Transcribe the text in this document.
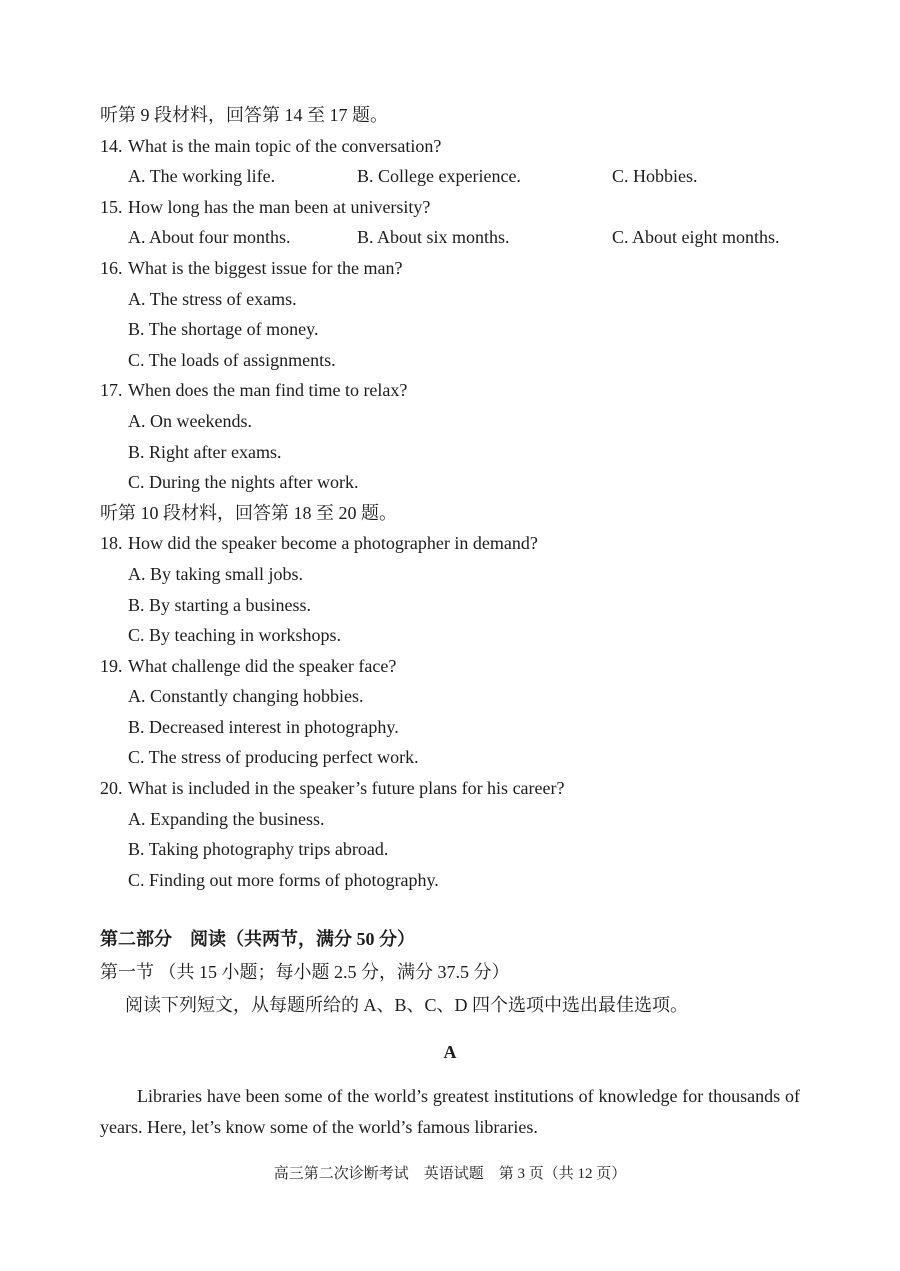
听第 9 段材料，回答第 14 至 17 题。
14. What is the main topic of the conversation?
A. The working life.	B. College experience.	C. Hobbies.
15. How long has the man been at university?
A. About four months.	B. About six months.	C. About eight months.
16. What is the biggest issue for the man?
A. The stress of exams.
B. The shortage of money.
C. The loads of assignments.
17. When does the man find time to relax?
A. On weekends.
B. Right after exams.
C. During the nights after work.
听第 10 段材料，回答第 18 至 20 题。
18. How did the speaker become a photographer in demand?
A. By taking small jobs.
B. By starting a business.
C. By teaching in workshops.
19. What challenge did the speaker face?
A. Constantly changing hobbies.
B. Decreased interest in photography.
C. The stress of producing perfect work.
20. What is included in the speaker’s future plans for his career?
A. Expanding the business.
B. Taking photography trips abroad.
C. Finding out more forms of photography.
第二部分　阅读（共两节，满分 50 分）
第一节 （共 15 小题；每小题 2.5 分，满分 37.5 分）
阅读下列短文，从每题所给的 A、B、C、D 四个选项中选出最佳选项。
A
Libraries have been some of the world’s greatest institutions of knowledge for thousands of years. Here, let’s know some of the world’s famous libraries.
高三第二次诊断考试　英语试题　第 3 页（共 12 页）
